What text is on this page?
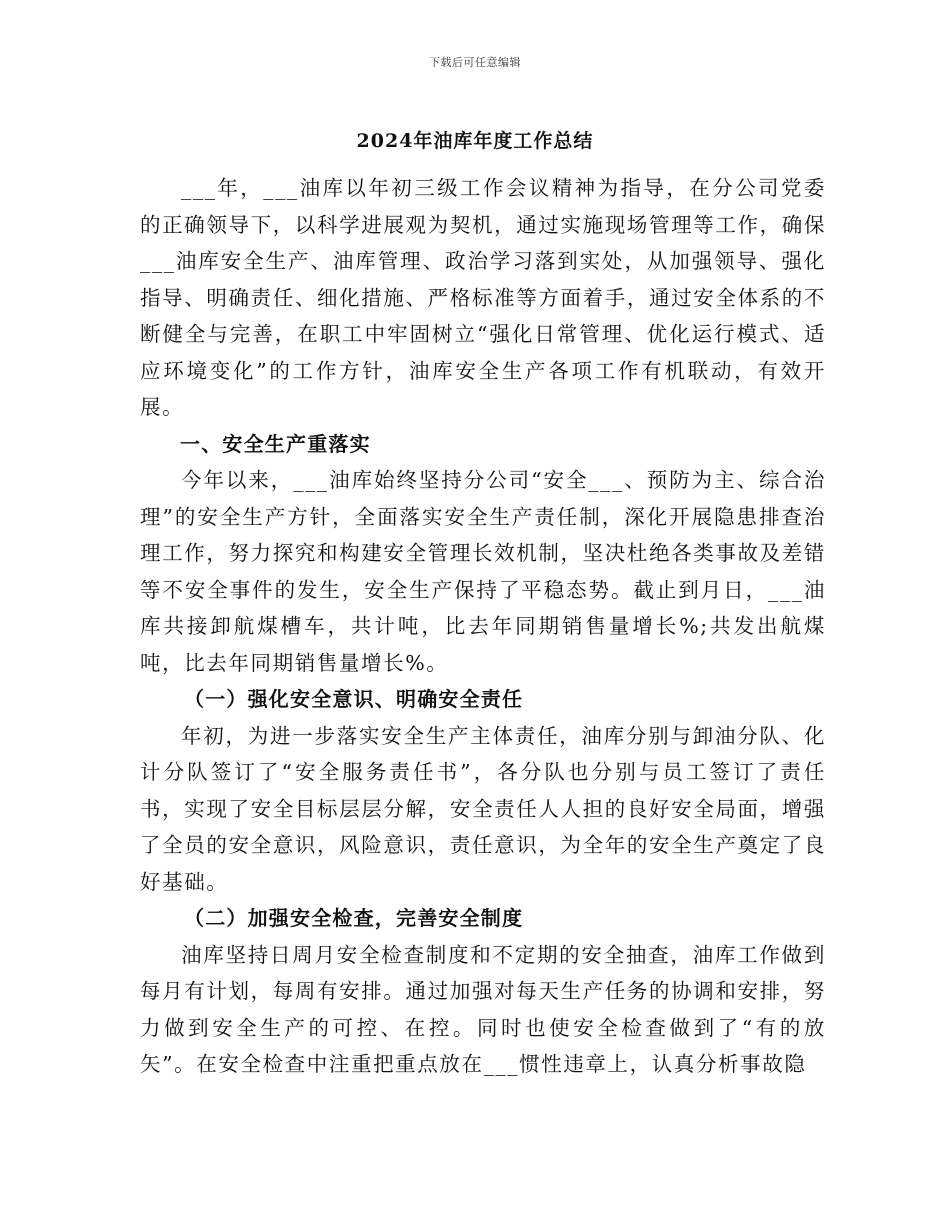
下载后可任意编辑
2024年油库年度工作总结

___年，___油库以年初三级工作会议精神为指导，在分公司党委的正确领导下，以科学进展观为契机，通过实施现场管理等工作，确保___油库安全生产、油库管理、政治学习落到实处，从加强领导、强化指导、明确责任、细化措施、严格标准等方面着手，通过安全体系的不断健全与完善，在职工中牢固树立“强化日常管理、优化运行模式、适应环境变化”的工作方针，油库安全生产各项工作有机联动，有效开展。

一、安全生产重落实

今年以来，___油库始终坚持分公司“安全___、预防为主、综合治理”的安全生产方针，全面落实安全生产责任制，深化开展隐患排查治理工作，努力探究和构建安全管理长效机制，坚决杜绝各类事故及差错等不安全事件的发生，安全生产保持了平稳态势。截止到月日，___油库共接卸航煤槽车，共计吨，比去年同期销售量增长%;共发出航煤吨，比去年同期销售量增长%。

（一）强化安全意识、明确安全责任

年初，为进一步落实安全生产主体责任，油库分别与卸油分队、化计分队签订了“安全服务责任书”，各分队也分别与员工签订了责任书，实现了安全目标层层分解，安全责任人人担的良好安全局面，增强了全员的安全意识，风险意识，责任意识，为全年的安全生产奠定了良好基础。

（二）加强安全检查，完善安全制度

油库坚持日周月安全检查制度和不定期的安全抽查，油库工作做到每月有计划，每周有安排。通过加强对每天生产任务的协调和安排，努力做到安全生产的可控、在控。同时也使安全检查做到了“有的放矢”。在安全检查中注重把重点放在___惯性违章上，认真分析事故隐
